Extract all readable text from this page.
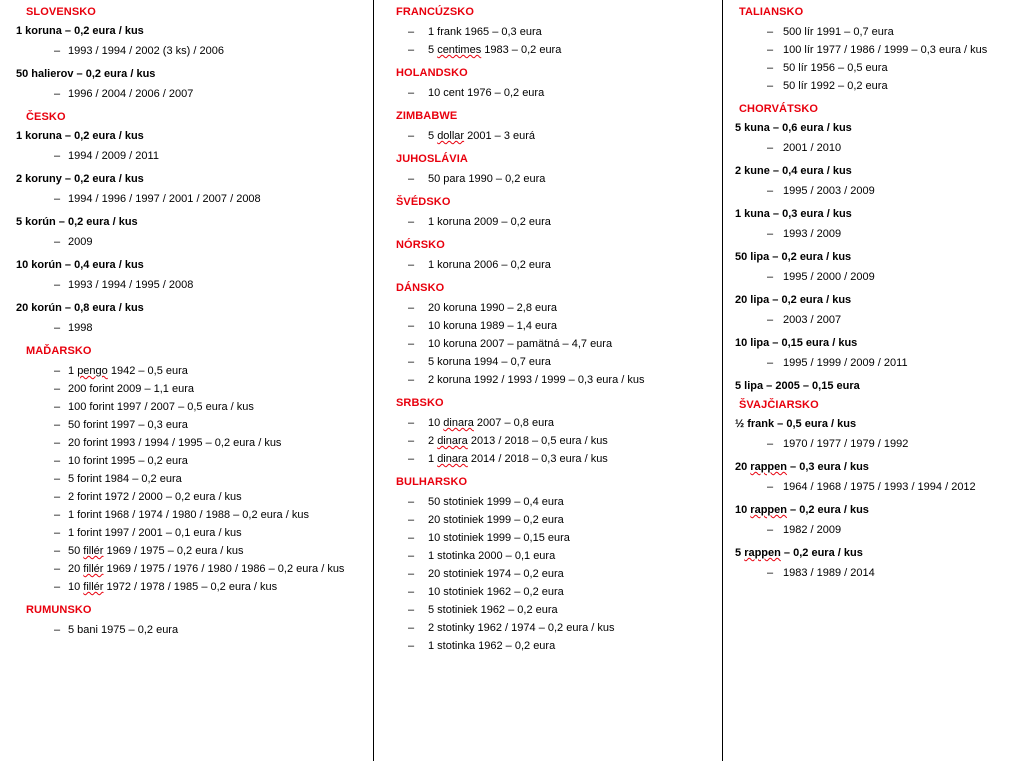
SLOVENSKO
1 koruna – 0,2 eura / kus
– 1993 / 1994 / 2002 (3 ks) / 2006
50 halierov – 0,2 eura / kus
– 1996 / 2004 / 2006 / 2007
ČESKO
1 koruna – 0,2 eura / kus
– 1994 / 2009 / 2011
2 koruny – 0,2 eura / kus
– 1994 / 1996 / 1997 / 2001 / 2007 / 2008
5 korún – 0,2 eura / kus
– 2009
10 korún – 0,4 eura / kus
– 1993 / 1994 / 1995 / 2008
20 korún – 0,8 eura / kus
– 1998
MAĎARSKO
– 1 pengo 1942 – 0,5 eura
– 200 forint 2009 – 1,1 eura
– 100 forint 1997 / 2007 – 0,5 eura / kus
– 50 forint 1997 – 0,3 eura
– 20 forint 1993 / 1994 / 1995 – 0,2 eura / kus
– 10 forint 1995 – 0,2 eura
– 5 forint 1984 – 0,2 eura
– 2 forint 1972 / 2000 – 0,2 eura / kus
– 1 forint 1968 / 1974 / 1980 / 1988 – 0,2 eura / kus
– 1 forint 1997 / 2001 – 0,1 eura / kus
– 50 fillér 1969 / 1975 – 0,2 eura / kus
– 20 fillér 1969 / 1975 / 1976 / 1980 / 1986 – 0,2 eura / kus
– 10 fillér 1972 / 1978 / 1985 – 0,2 eura / kus
RUMUNSKO
– 5 bani 1975 – 0,2 eura
FRANCÚZSKO
– 1 frank 1965 – 0,3 eura
– 5 centimes 1983 – 0,2 eura
HOLANDSKO
– 10 cent 1976 – 0,2 eura
ZIMBABWE
– 5 dollar 2001 – 3 eurá
JUHOSLÁVIA
– 50 para 1990 – 0,2 eura
ŠVÉDSKO
– 1 koruna 2009 – 0,2 eura
NÓRSKO
– 1 koruna 2006 – 0,2 eura
DÁNSKO
– 20 koruna 1990 – 2,8 eura
– 10 koruna 1989 – 1,4 eura
– 10 koruna 2007 – pamätná – 4,7 eura
– 5 koruna 1994 – 0,7 eura
– 2 koruna 1992 / 1993 / 1999 – 0,3 eura / kus
SRBSKO
– 10 dinara 2007 – 0,8 eura
– 2 dinara 2013 / 2018 – 0,5 eura / kus
– 1 dinara 2014 / 2018 – 0,3 eura / kus
BULHARSKO
– 50 stotiniek 1999 – 0,4 eura
– 20 stotiniek 1999 – 0,2 eura
– 10 stotiniek 1999 – 0,15 eura
– 1 stotinka 2000 – 0,1 eura
– 20 stotiniek 1974 – 0,2 eura
– 10 stotiniek 1962 – 0,2 eura
– 5 stotiniek 1962 – 0,2 eura
– 2 stotinky 1962 / 1974 – 0,2 eura / kus
– 1 stotinka 1962 – 0,2 eura
TALIANSKO
– 500 lír 1991 – 0,7 eura
– 100 lír 1977 / 1986 / 1999 – 0,3 eura / kus
– 50 lír 1956 – 0,5 eura
– 50 lír 1992 – 0,2 eura
CHORVÁTSKO
5 kuna – 0,6 eura / kus
– 2001 / 2010
2 kune – 0,4 eura / kus
– 1995 / 2003 / 2009
1 kuna – 0,3 eura / kus
– 1993 / 2009
50 lipa – 0,2 eura / kus
– 1995 / 2000 / 2009
20 lipa – 0,2 eura / kus
– 2003 / 2007
10 lipa – 0,15 eura / kus
– 1995 / 1999 / 2009 / 2011
5 lipa – 2005 – 0,15 eura
ŠVAJČIARSKO
½ frank – 0,5 eura / kus
– 1970 / 1977 / 1979 / 1992
20 rappen – 0,3 eura / kus
– 1964 / 1968 / 1975 / 1993 / 1994 / 2012
10 rappen – 0,2 eura / kus
– 1982 / 2009
5 rappen – 0,2 eura / kus
– 1983 / 1989 / 2014
